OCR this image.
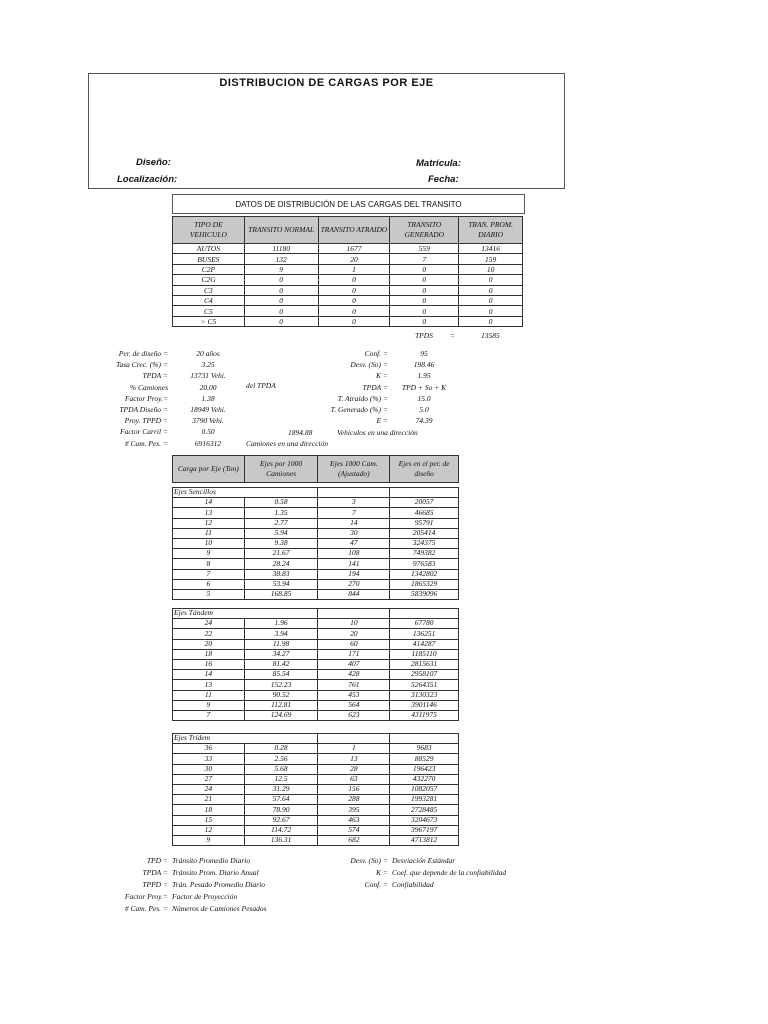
DISTRIBUCION DE CARGAS POR EJE
Diseño:
Localización:
Matrícula:
Fecha:
DATOS DE DISTRIBUCIÓN DE LAS CARGAS DEL TRANSITO
TIPO DE VEHICULO	TRANSITO NORMAL	TRANSITO ATRAIDO	TRANSITO GENERADO	TRAN. PROM. DIARIO
AUTOS	11180	1677	559	13416
BUSES	132	20	7	159
C2P	9	1	0	10
C2G	0	0	0	0
C3	0	0	0	0
C4	0	0	0	0
C5	0	0	0	0
> C5	0	0	0	0
TPDS =	13585
Per. de diseño =	20 años
Tasa Crec. (%) =	3.25
TPDA =	13731 Vehi.
% Camiones	20.00
Factor Proy.=	1.38
TPDA Diseño =	18949 Vehi.
Proy. TPPD =	3790 Vehi.
Factor Carril =	0.50
# Cam. Pes. =	6916312
Conf. =	95
Desv. (So) =	198.46
K =	1.95
TPDA =	TPD + So + K
T. Atraído (%) =	15.0
T. Generado (%) =	5.0
E =	74.39
del TPDA
1894.88	Vehículos en una dirección
Camiones en una dirección
Carga por Eje (Ton)	Ejes por 1000 Camiones	Ejes 1000 Cam. (Ajustado)	Ejes en el per. de diseño
Ejes Sencillos			
14	0.58	3	20057
13	1.35	7	46685
12	2.77	14	95791
11	5.94	30	205414
10	9.38	47	324375
9	21.67	108	749382
8	28.24	141	976583
7	38.83	194	1342802
6	53.94	270	1865329
5	168.85	844	5839096
Ejes Tándem			
24	1.96	10	67780
22	3.94	20	136251
20	11.98	60	414287
18	34.27	171	1185110
16	81.42	407	2815631
14	85.54	428	2958107
13	152.23	761	5264351
11	90.52	453	3130323
9	112.81	564	3901146
7	124.69	623	4311975
Ejes Trídem			
36	0.28	1	9683
33	2.56	13	88529
30	5.68	28	196423
27	12.5	63	432270
24	31.29	156	1082057
21	57.64	288	1993281
18	78.90	395	2728485
15	92.67	463	3204673
12	114.72	574	3967197
9	136.31	682	4713812
TPD = Tránsito Promedio Diario
TPDA = Tránsito Prom. Diario Anual
TPPD = Trán. Pesado Promedio Diario
Factor Proy.= Factor de Proyección
# Cam. Pes. = Números de Camiones Pesados
Desv. (So) = Desviación Estándar
K = Coef. que depende de la confiabilidad
Conf. = Confiabilidad
